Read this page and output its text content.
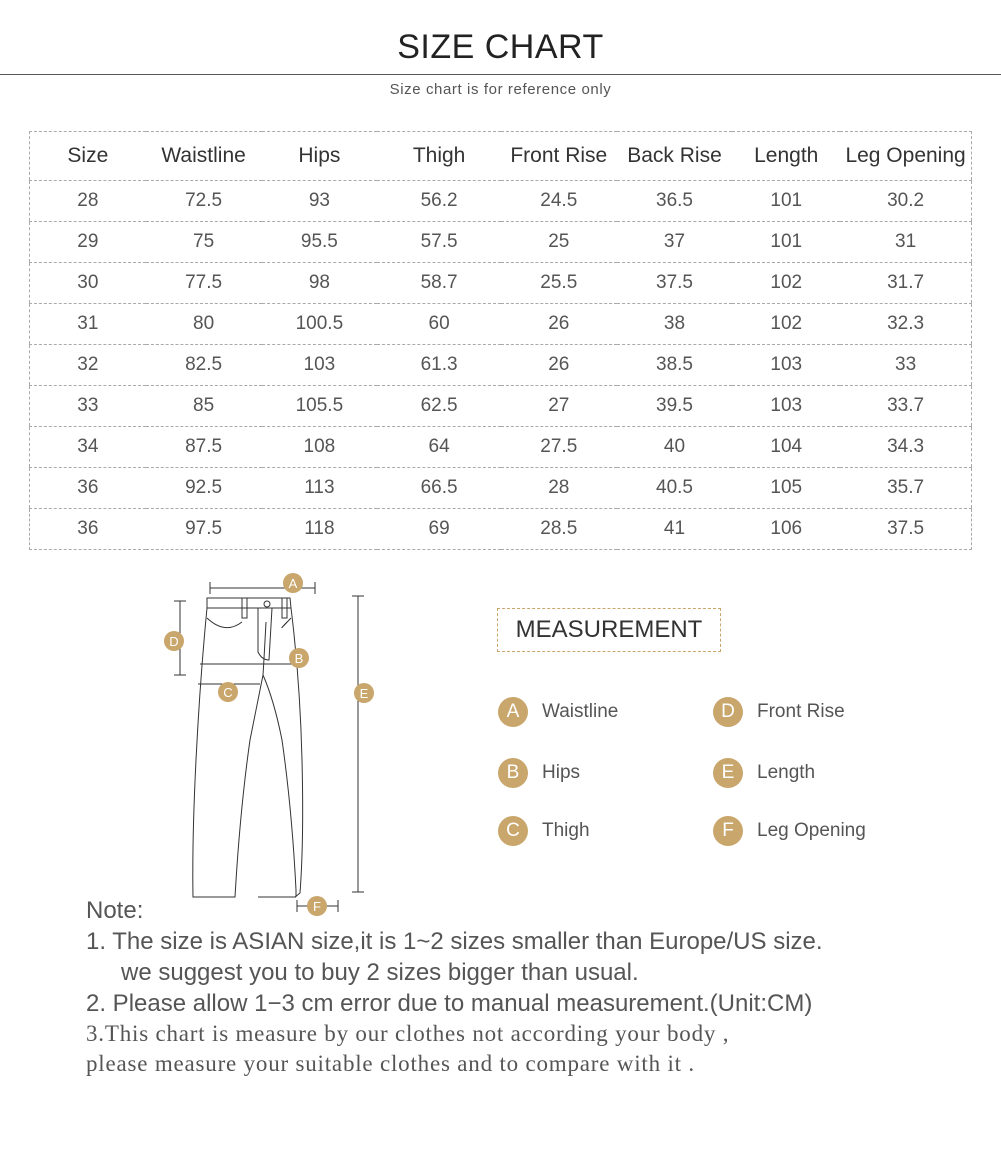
SIZE CHART
Size chart is for reference only
Size	Waistline	Hips	Thigh	Front Rise	Back Rise	Length	Leg Opening
28	72.5	93	56.2	24.5	36.5	101	30.2
29	75	95.5	57.5	25	37	101	31
30	77.5	98	58.7	25.5	37.5	102	31.7
31	80	100.5	60	26	38	102	32.3
32	82.5	103	61.3	26	38.5	103	33
33	85	105.5	62.5	27	39.5	103	33.7
34	87.5	108	64	27.5	40	104	34.3
36	92.5	113	66.5	28	40.5	105	35.7
36	97.5	118	69	28.5	41	106	37.5
A
B
C
D
E
F
MEASUREMENT
A	Waistline
B	Hips
C	Thigh
D	Front Rise
E	Length
F	Leg Opening
Note:
1. The size is ASIAN size,it is 1~2 sizes smaller than Europe/US size.
we suggest you to buy 2 sizes bigger than usual.
2. Please allow 1−3 cm error due to manual measurement.(Unit:CM)
3.This chart is measure by our clothes not according your body ,
please measure your suitable clothes and to compare with it .
